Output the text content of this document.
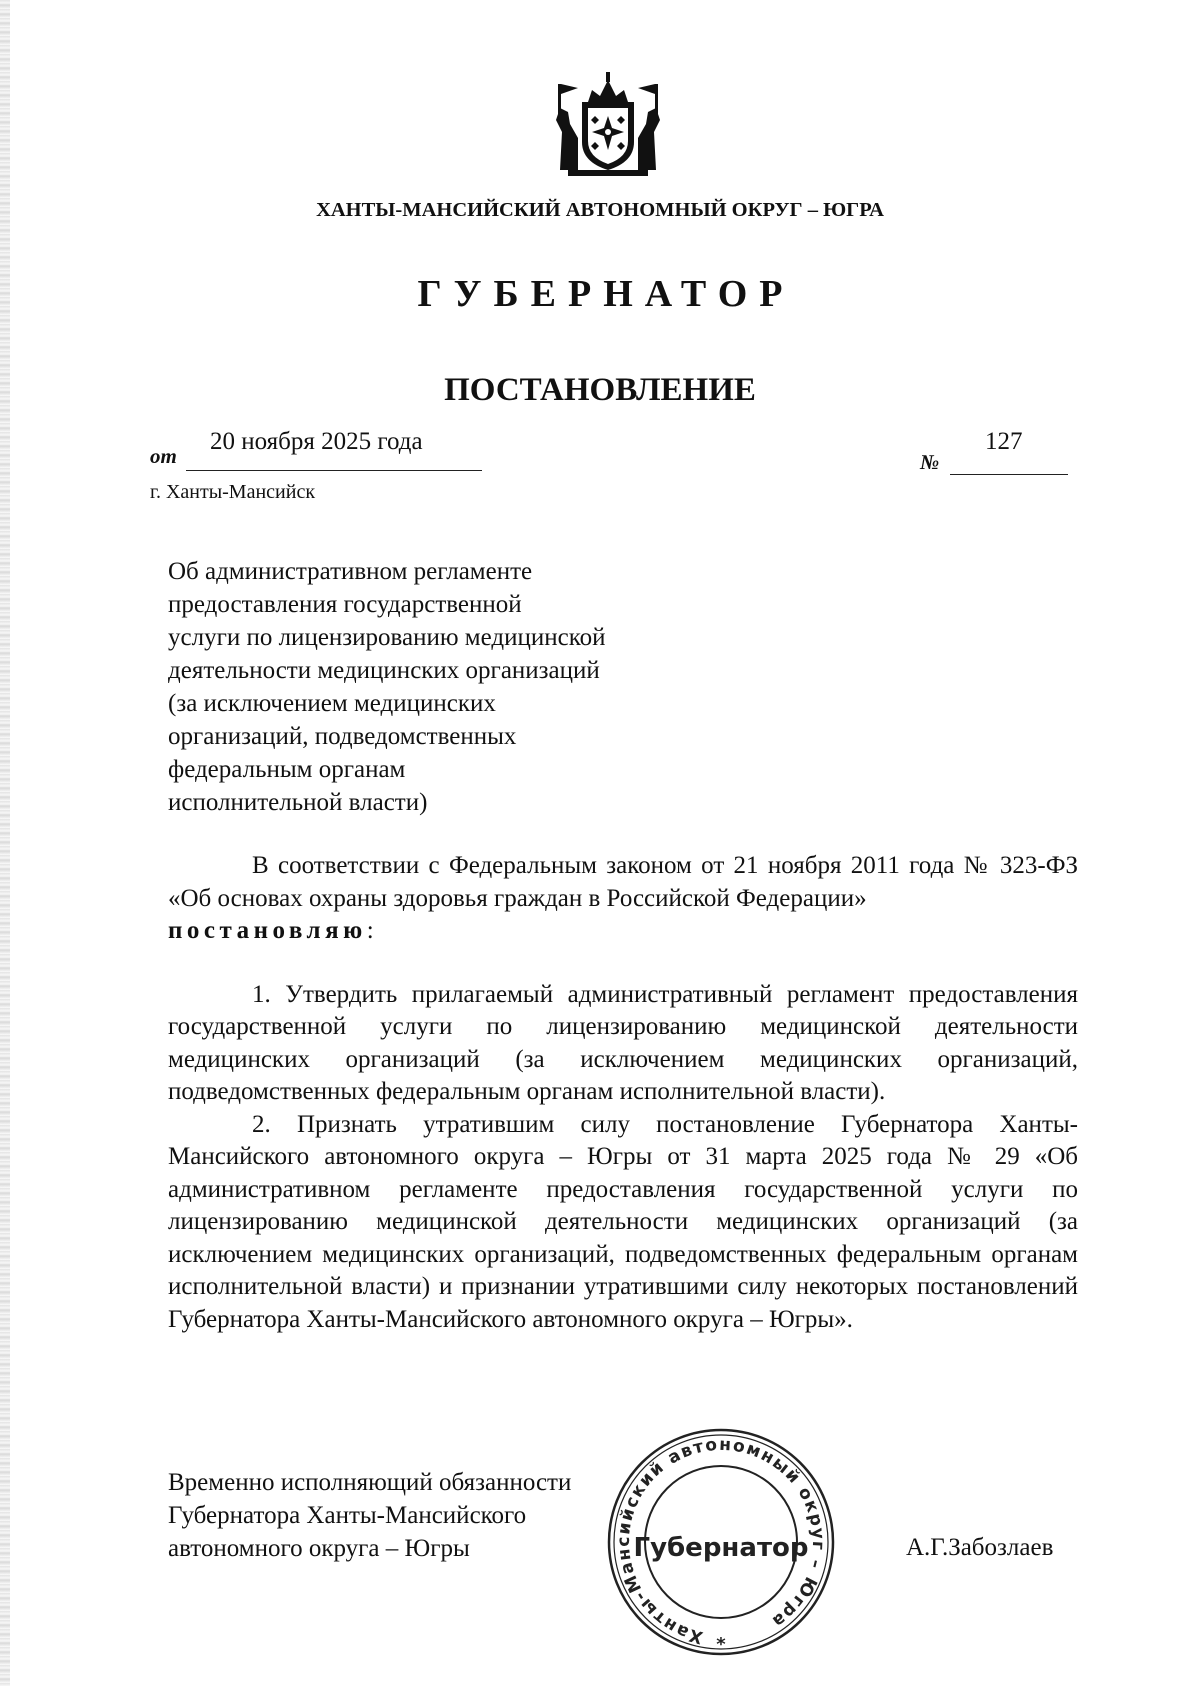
ХАНТЫ-МАНСИЙСКИЙ АВТОНОМНЫЙ ОКРУГ – ЮГРА
ГУБЕРНАТОР
ПОСТАНОВЛЕНИЕ
от
20 ноября 2025 года
№
127
г. Ханты-Мансийск
Об административном регламенте
предоставления государственной
услуги по лицензированию медицинской
деятельности медицинских организаций
(за исключением медицинских
организаций, подведомственных
федеральным органам
исполнительной власти)

В соответствии с Федеральным законом от 21 ноября 2011 года № 323-ФЗ «Об основах охраны здоровья граждан в Российской Федерации»

постановляю:

1. Утвердить прилагаемый административный регламент предоставления государственной услуги по лицензированию медицинской деятельности медицинских организаций (за исключением медицинских организаций, подведомственных федеральным органам исполнительной власти).

2. Признать утратившим силу постановление Губернатора Ханты-Мансийского автономного округа – Югры от 31 марта 2025 года № 29 «Об административном регламенте предоставления государственной услуги по лицензированию медицинской деятельности медицинских организаций (за исключением медицинских организаций, подведомственных федеральным органам исполнительной власти) и признании утратившими силу некоторых постановлений Губернатора Ханты-Мансийского автономного округа – Югры».

Временно исполняющий обязанности
Губернатора Ханты-Мансийского
автономного округа – Югры
Ханты-Мансийский автономный округ – Югра
Губернатор
*
А.Г.Забозлаев
